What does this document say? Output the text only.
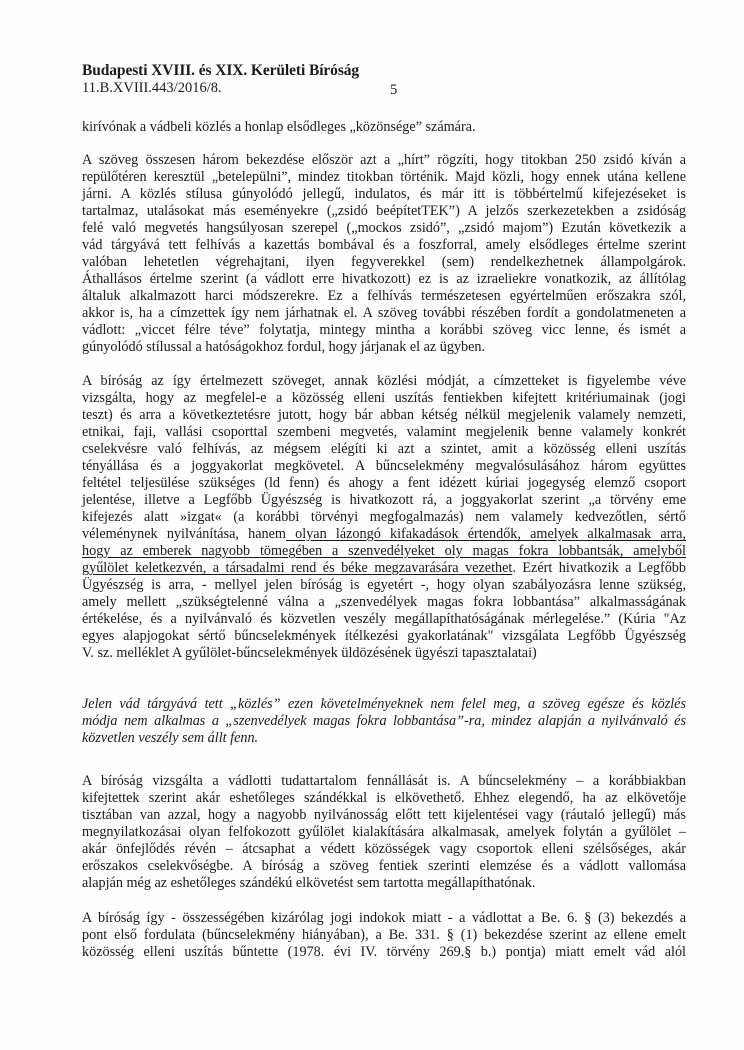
Budapesti XVIII. és XIX. Kerületi Bíróság
11.B.XVIII.443/2016/8.	5
kirívónak a vádbeli közlés a honlap elsődleges „közönsége” számára.
A szöveg összesen három bekezdése először azt a „hírt” rögzíti, hogy titokban 250 zsidó kíván a
repülőtéren keresztül „betelepülni”, mindez titokban történik. Majd közli, hogy ennek utána kellene
járni. A közlés stílusa gúnyolódó jellegű, indulatos, és már itt is többértelmű kifejezéseket is
tartalmaz, utalásokat más eseményekre („zsidó beépítetTEK”) A jelzős szerkezetekben a zsidóság
felé való megvetés hangsúlyosan szerepel („mockos zsidó”, „zsidó majom”) Ezután következik a
vád tárgyává tett felhívás a kazettás bombával és a foszforral, amely elsődleges értelme szerint
valóban lehetetlen végrehajtani, ilyen fegyverekkel (sem) rendelkezhetnek állampolgárok.
Áthallásos értelme szerint (a vádlott erre hivatkozott) ez is az izraeliekre vonatkozik, az állítólag
általuk alkalmazott harci módszerekre. Ez a felhívás természetesen egyértelműen erőszakra szól,
akkor is, ha a címzettek így nem járhatnak el. A szöveg további részében fordít a gondolatmeneten a
vádlott: „viccet félre téve” folytatja, mintegy mintha a korábbi szöveg vicc lenne, és ismét a
gúnyolódó stílussal a hatóságokhoz fordul, hogy járjanak el az ügyben.
A bíróság az így értelmezett szöveget, annak közlési módját, a címzetteket is figyelembe véve
vizsgálta, hogy az megfelel-e a közösség elleni uszítás fentiekben kifejtett kritériumainak (jogi
teszt) és arra a következtetésre jutott, hogy bár abban kétség nélkül megjelenik valamely nemzeti,
etnikai, faji, vallási csoporttal szembeni megvetés, valamint megjelenik benne valamely konkrét
cselekvésre való felhívás, az mégsem elégíti ki azt a szintet, amit a közösség elleni uszítás
tényállása és a joggyakorlat megkövetel. A bűncselekmény megvalósulásához három együttes
feltétel teljesülése szükséges (ld fenn) és ahogy a fent idézett kúriai jogegység elemző csoport
jelentése, illetve a Legfőbb Ügyészség is hivatkozott rá, a joggyakorlat szerint „a törvény eme
kifejezés alatt »izgat« (a korábbi törvényi megfogalmazás) nem valamely kedvezőtlen, sértő
véleménynek nyilvánítása, hanem olyan lázongó kifakadások értendők, amelyek alkalmasak arra,
hogy az emberek nagyobb tömegében a szenvedélyeket oly magas fokra lobbantsák, amelyből
gyűlölet keletkezvén, a társadalmi rend és béke megzavarására vezethet. Ezért hivatkozik a Legfőbb
Ügyészség is arra, - mellyel jelen bíróság is egyetért -, hogy olyan szabályozásra lenne szükség,
amely mellett „szükségtelenné válna a „szenvedélyek magas fokra lobbantása” alkalmasságának
értékelése, és a nyilvánvaló és közvetlen veszély megállapíthatóságának mérlegelése.” (Kúria "Az
egyes alapjogokat sértő bűncselekmények ítélkezési gyakorlatának" vizsgálata Legfőbb Ügyészség
V. sz. melléklet A gyűlölet-bűncselekmények üldözésének ügyészi tapasztalatai)
Jelen vád tárgyává tett „közlés” ezen követelményeknek nem felel meg, a szöveg egésze és közlés
módja nem alkalmas a „szenvedélyek magas fokra lobbantása”-ra, mindez alapján a nyilvánvaló és
közvetlen veszély sem állt fenn.
A bíróság vizsgálta a vádlotti tudattartalom fennállását is. A bűncselekmény – a korábbiakban
kifejtettek szerint akár eshetőleges szándékkal is elkövethető. Ehhez elegendő, ha az elkövetője
tisztában van azzal, hogy a nagyobb nyilvánosság előtt tett kijelentései vagy (ráutaló jellegű) más
megnyilatkozásai olyan felfokozott gyűlölet kialakítására alkalmasak, amelyek folytán a gyűlölet –
akár önfejlődés révén – átcsaphat a védett közösségek vagy csoportok elleni szélsőséges, akár
erőszakos cselekvőségbe. A bíróság a szöveg fentiek szerinti elemzése és a vádlott vallomása
alapján még az eshetőleges szándékú elkövetést sem tartotta megállapíthatónak.
A bíróság így - összességében kizárólag jogi indokok miatt - a vádlottat a Be. 6. § (3) bekezdés a
pont első fordulata (bűncselekmény hiányában), a Be. 331. § (1) bekezdése szerint az ellene emelt
közösség elleni uszítás bűntette (1978. évi IV. törvény 269.§ b.) pontja) miatt emelt vád alól
